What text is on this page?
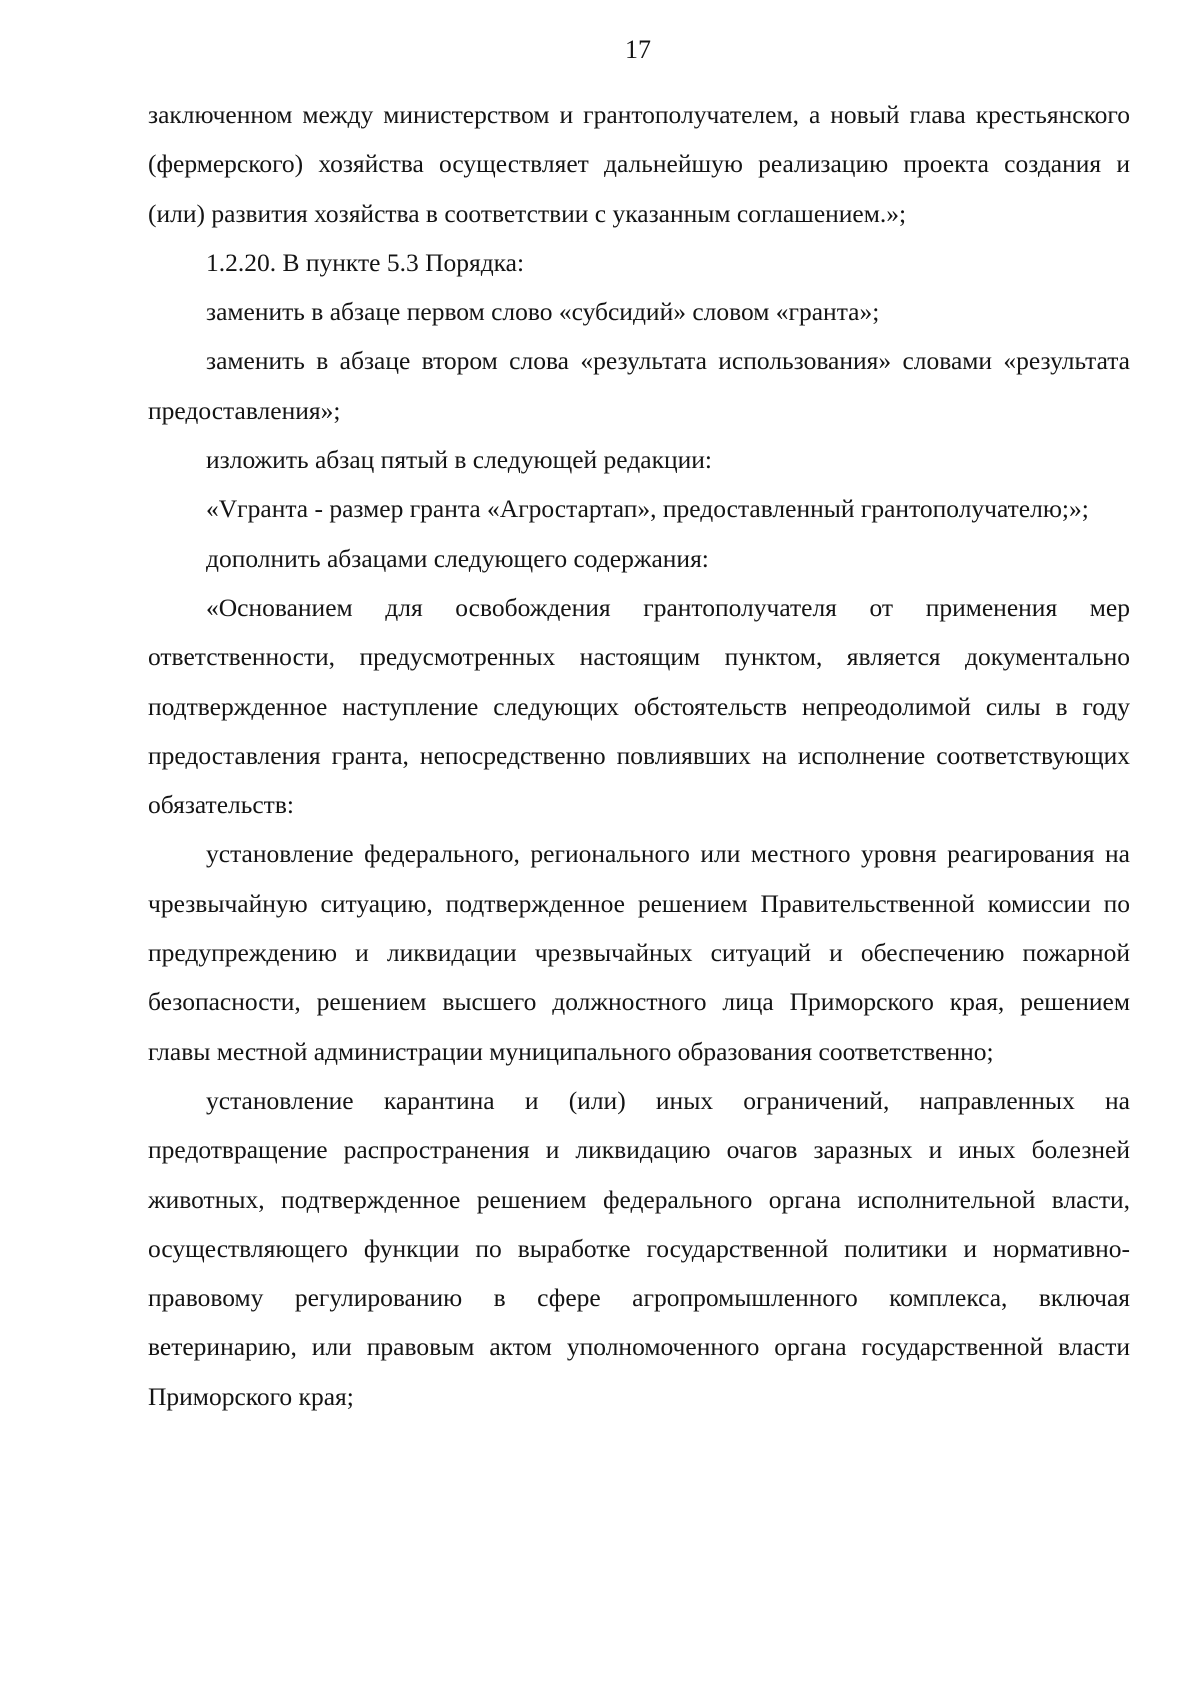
17

заключенном между министерством и грантополучателем, а новый глава крестьянского (фермерского) хозяйства осуществляет дальнейшую реализацию проекта создания и (или) развития хозяйства в соответствии с указанным соглашением.»;

1.2.20. В пункте 5.3 Порядка:

заменить в абзаце первом слово «субсидий» словом «гранта»;

заменить в абзаце втором слова «результата использования» словами «результата предоставления»;

изложить абзац пятый в следующей редакции:

«Vгранта - размер гранта «Агростартап», предоставленный грантополучателю;»;

дополнить абзацами следующего содержания:

«Основанием для освобождения грантополучателя от применения мер ответственности, предусмотренных настоящим пунктом, является документально подтвержденное наступление следующих обстоятельств непреодолимой силы в году предоставления гранта, непосредственно повлиявших на исполнение соответствующих обязательств:

установление федерального, регионального или местного уровня реагирования на чрезвычайную ситуацию, подтвержденное решением Правительственной комиссии по предупреждению и ликвидации чрезвычайных ситуаций и обеспечению пожарной безопасности, решением высшего должностного лица Приморского края, решением главы местной администрации муниципального образования соответственно;

установление карантина и (или) иных ограничений, направленных на предотвращение распространения и ликвидацию очагов заразных и иных болезней животных, подтвержденное решением федерального органа исполнительной власти, осуществляющего функции по выработке государственной политики и нормативно-правовому регулированию в сфере агропромышленного комплекса, включая ветеринарию, или правовым актом уполномоченного органа государственной власти Приморского края;
